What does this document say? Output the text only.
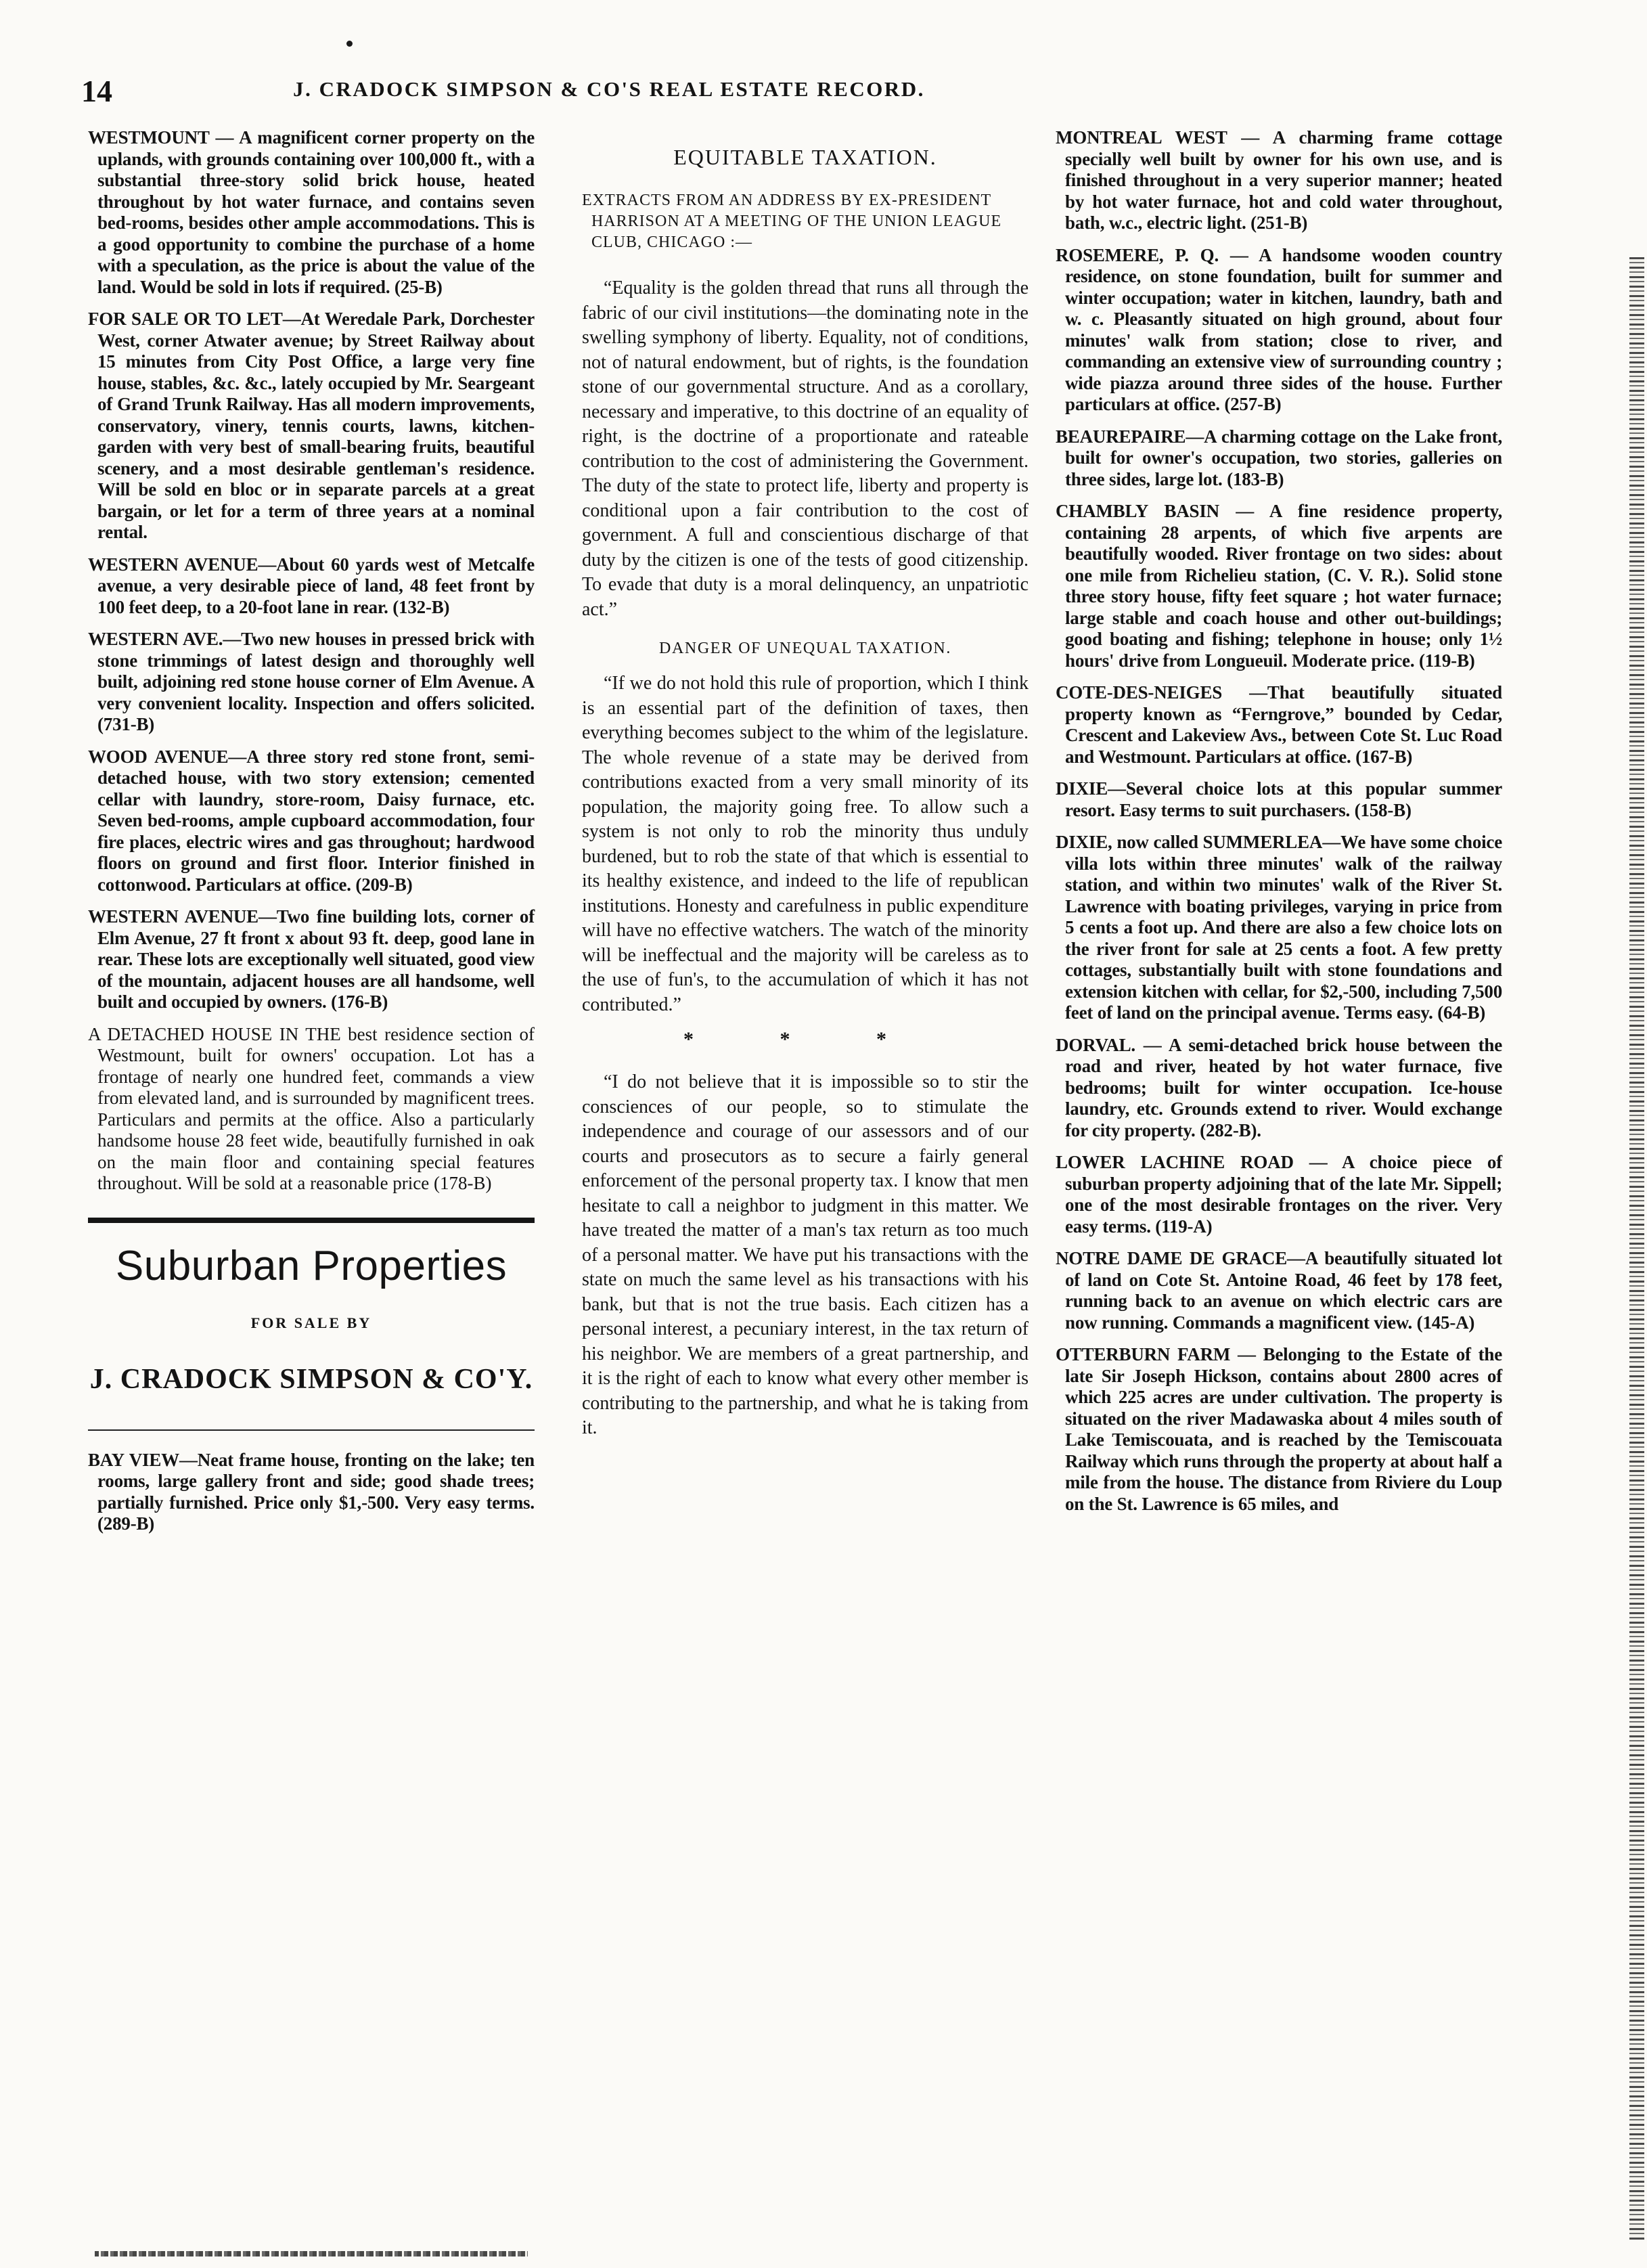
14	J. CRADOCK SIMPSON & CO'S REAL ESTATE RECORD.

WESTMOUNT — A magnificent corner property on the uplands, with grounds containing over 100,000 ft., with a substantial three-story solid brick house, heated throughout by hot water furnace, and contains seven bed-rooms, besides other ample accommodations. This is a good opportunity to combine the purchase of a home with a speculation, as the price is about the value of the land. Would be sold in lots if required. (25-B)

FOR SALE OR TO LET—At Weredale Park, Dorchester West, corner Atwater avenue; by Street Railway about 15 minutes from City Post Office, a large very fine house, stables, &c. &c., lately occupied by Mr. Seargeant of Grand Trunk Railway. Has all modern improvements, conservatory, vinery, tennis courts, lawns, kitchen-garden with very best of small-bearing fruits, beautiful scenery, and a most desirable gentleman's residence. Will be sold en bloc or in separate parcels at a great bargain, or let for a term of three years at a nominal rental.

WESTERN AVENUE—About 60 yards west of Metcalfe avenue, a very desirable piece of land, 48 feet front by 100 feet deep, to a 20-foot lane in rear. (132-B)

WESTERN AVE.—Two new houses in pressed brick with stone trimmings of latest design and thoroughly well built, adjoining red stone house corner of Elm Avenue. A very convenient locality. Inspection and offers solicited. (731-B)

WOOD AVENUE—A three story red stone front, semi-detached house, with two story extension; cemented cellar with laundry, store-room, Daisy furnace, etc. Seven bed-rooms, ample cupboard accommodation, four fire places, electric wires and gas throughout; hardwood floors on ground and first floor. Interior finished in cottonwood. Particulars at office. (209-B)

WESTERN AVENUE—Two fine building lots, corner of Elm Avenue, 27 ft front x about 93 ft. deep, good lane in rear. These lots are exceptionally well situated, good view of the mountain, adjacent houses are all handsome, well built and occupied by owners. (176-B)

A DETACHED HOUSE IN THE best residence section of Westmount, built for owners' occupation. Lot has a frontage of nearly one hundred feet, commands a view from elevated land, and is surrounded by magnificent trees. Particulars and permits at the office. Also a particularly handsome house 28 feet wide, beautifully furnished in oak on the main floor and containing special features throughout. Will be sold at a reasonable price (178-B)

Suburban Properties
FOR SALE BY
J. CRADOCK SIMPSON & CO'Y.

BAY VIEW—Neat frame house, fronting on the lake; ten rooms, large gallery front and side; good shade trees; partially furnished. Price only $1,-500. Very easy terms. (289-B)

EQUITABLE TAXATION.

EXTRACTS FROM AN ADDRESS BY EX-PRESIDENT HARRISON AT A MEETING OF THE UNION LEAGUE CLUB, CHICAGO :—

“Equality is the golden thread that runs all through the fabric of our civil institutions—the dominating note in the swelling symphony of liberty. Equality, not of conditions, not of natural endowment, but of rights, is the foundation stone of our governmental structure. And as a corollary, necessary and imperative, to this doctrine of an equality of right, is the doctrine of a proportionate and rateable contribution to the cost of administering the Government. The duty of the state to protect life, liberty and property is conditional upon a fair contribution to the cost of government. A full and conscientious discharge of that duty by the citizen is one of the tests of good citizenship. To evade that duty is a moral delinquency, an unpatriotic act.”

DANGER OF UNEQUAL TAXATION.

“If we do not hold this rule of proportion, which I think is an essential part of the definition of taxes, then everything becomes subject to the whim of the legislature. The whole revenue of a state may be derived from contributions exacted from a very small minority of its population, the majority going free. To allow such a system is not only to rob the minority thus unduly burdened, but to rob the state of that which is essential to its healthy existence, and indeed to the life of republican institutions. Honesty and carefulness in public expenditure will have no effective watchers. The watch of the minority will be ineffectual and the majority will be careless as to the use of fun's, to the accumulation of which it has not contributed.”

* * *

“I do not believe that it is impossible so to stir the consciences of our people, so to stimulate the independence and courage of our assessors and of our courts and prosecutors as to secure a fairly general enforcement of the personal property tax. I know that men hesitate to call a neighbor to judgment in this matter. We have treated the matter of a man's tax return as too much of a personal matter. We have put his transactions with the state on much the same level as his transactions with his bank, but that is not the true basis. Each citizen has a personal interest, a pecuniary interest, in the tax return of his neighbor. We are members of a great partnership, and it is the right of each to know what every other member is contributing to the partnership, and what he is taking from it.

MONTREAL WEST — A charming frame cottage specially well built by owner for his own use, and is finished throughout in a very superior manner; heated by hot water furnace, hot and cold water throughout, bath, w.c., electric light. (251-B)

ROSEMERE, P. Q. — A handsome wooden country residence, on stone foundation, built for summer and winter occupation; water in kitchen, laundry, bath and w. c. Pleasantly situated on high ground, about four minutes' walk from station; close to river, and commanding an extensive view of surrounding country ; wide piazza around three sides of the house. Further particulars at office. (257-B)

BEAUREPAIRE—A charming cottage on the Lake front, built for owner's occupation, two stories, galleries on three sides, large lot. (183-B)

CHAMBLY BASIN — A fine residence property, containing 28 arpents, of which five arpents are beautifully wooded. River frontage on two sides: about one mile from Richelieu station, (C. V. R.). Solid stone three story house, fifty feet square ; hot water furnace; large stable and coach house and other out-buildings; good boating and fishing; telephone in house; only 1½ hours' drive from Longueuil. Moderate price. (119-B)

COTE-DES-NEIGES —That beautifully situated property known as “Ferngrove,” bounded by Cedar, Crescent and Lakeview Avs., between Cote St. Luc Road and Westmount. Particulars at office. (167-B)

DIXIE—Several choice lots at this popular summer resort. Easy terms to suit purchasers. (158-B)

DIXIE, now called SUMMERLEA—We have some choice villa lots within three minutes' walk of the railway station, and within two minutes' walk of the River St. Lawrence with boating privileges, varying in price from 5 cents a foot up. And there are also a few choice lots on the river front for sale at 25 cents a foot. A few pretty cottages, substantially built with stone foundations and extension kitchen with cellar, for $2,-500, including 7,500 feet of land on the principal avenue. Terms easy. (64-B)

DORVAL. — A semi-detached brick house between the road and river, heated by hot water furnace, five bedrooms; built for winter occupation. Ice-house laundry, etc. Grounds extend to river. Would exchange for city property. (282-B).

LOWER LACHINE ROAD — A choice piece of suburban property adjoining that of the late Mr. Sippell; one of the most desirable frontages on the river. Very easy terms. (119-A)

NOTRE DAME DE GRACE—A beautifully situated lot of land on Cote St. Antoine Road, 46 feet by 178 feet, running back to an avenue on which electric cars are now running. Commands a magnificent view. (145-A)

OTTERBURN FARM — Belonging to the Estate of the late Sir Joseph Hickson, contains about 2800 acres of which 225 acres are under cultivation. The property is situated on the river Madawaska about 4 miles south of Lake Temiscouata, and is reached by the Temiscouata Railway which runs through the property at about half a mile from the house. The distance from Riviere du Loup on the St. Lawrence is 65 miles, and
